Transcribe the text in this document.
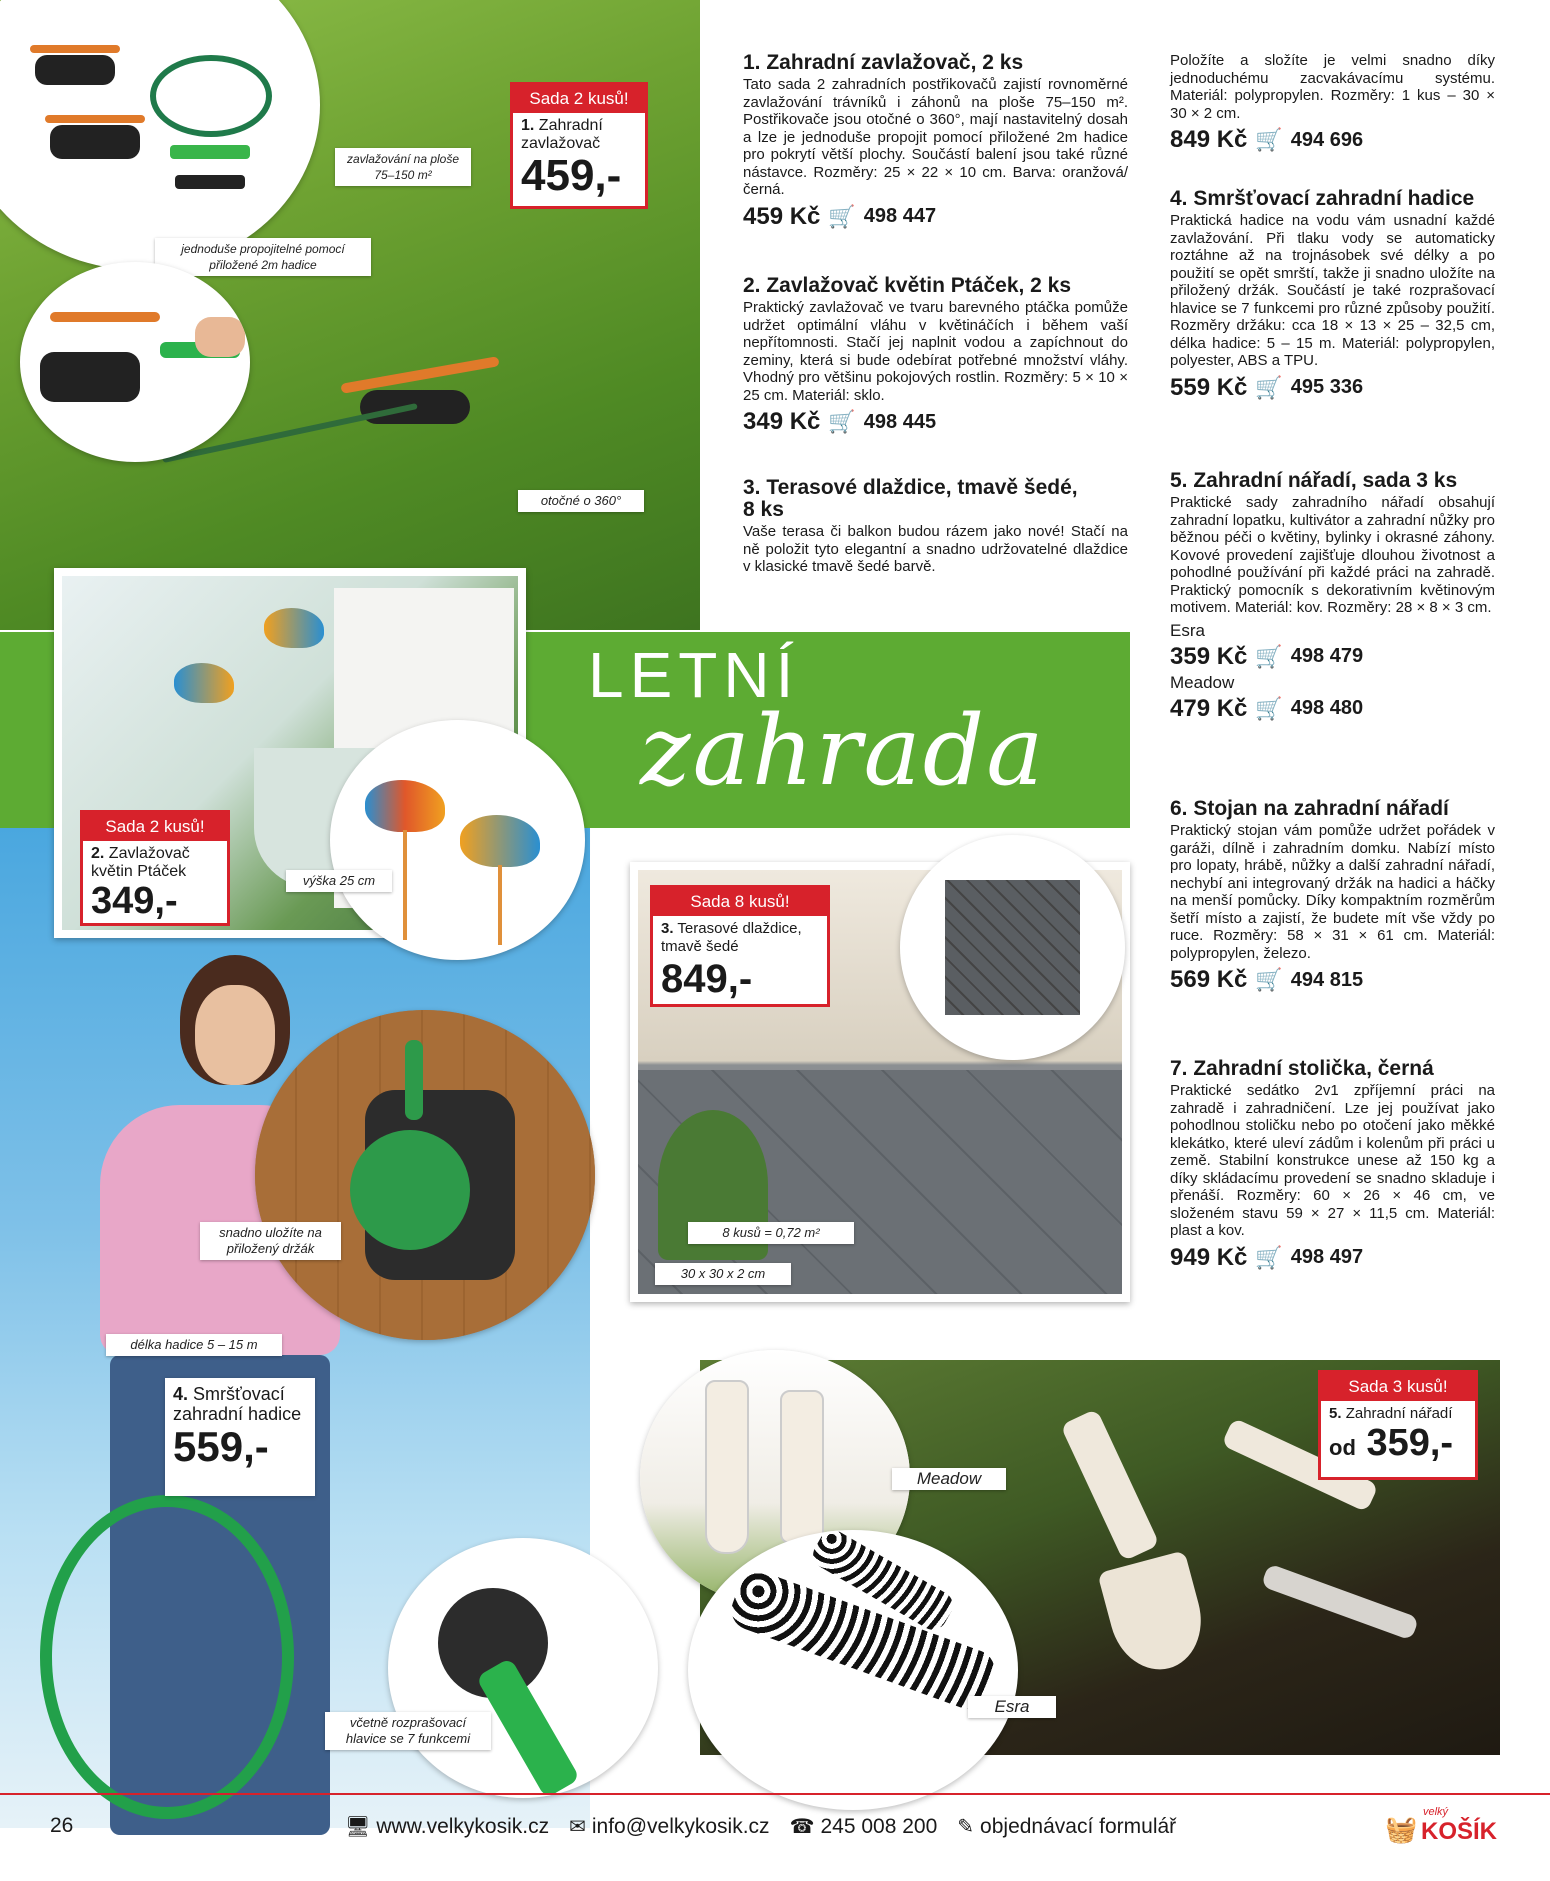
zavlažování na ploše 75–150 m²
jednoduše propojitelné pomocí přiložené 2m hadice
Sada 2 kusů!
1. Zahradní zavlažovač
459,-
otočné o 360°
LETNÍ
zahrada
výška 25 cm
Sada 2 kusů!
2. Zavlažovač květin Ptáček
349,-
snadno uložíte na přiložený držák
délka hadice 5 – 15 m
4. Smršťovací zahradní hadice
559,-
včetně rozprašovací hlavice se 7 funkcemi
Sada 8 kusů!
3. Terasové dlaždice, tmavě šedé
849,-
8 kusů = 0,72 m²
30 x 30 x 2 cm
Meadow
Esra
Sada 3 kusů!
5. Zahradní nářadí
od 359,-
1. Zahradní zavlažovač, 2 ks

Tato sada 2 zahradních postřikovačů zajistí rovnoměrné zavlažování trávníků i záhonů na ploše 75–150 m². Postřikovače jsou otočné o 360°, mají nastavitelný dosah a lze je jednoduše propojit pomocí přiložené 2m hadice pro pokrytí větší plochy. Součástí balení jsou také různé nástavce. Rozměry: 25 × 22 × 10 cm. Barva: oranžová/černá.

459 Kč 🛒 498 447
2. Zavlažovač květin Ptáček, 2 ks

Praktický zavlažovač ve tvaru barevného ptáčka pomůže udržet optimální vláhu v květináčích i během vaší nepřítomnosti. Stačí jej naplnit vodou a zapíchnout do zeminy, která si bude odebírat potřebné množství vláhy. Vhodný pro většinu pokojových rostlin. Rozměry: 5 × 10 × 25 cm. Materiál: sklo.

349 Kč 🛒 498 445
3. Terasové dlaždice, tmavě šedé, 8 ks

Vaše terasa či balkon budou rázem jako nové! Stačí na ně položit tyto elegantní a snadno udržovatelné dlaždice v klasické tmavě šedé barvě.

Položíte a složíte je velmi snadno díky jednoduchému zacvakávacímu systému. Materiál: polypropylen. Rozměry: 1 kus – 30 × 30 × 2 cm.

849 Kč 🛒 494 696
4. Smršťovací zahradní hadice

Praktická hadice na vodu vám usnadní každé zavlažování. Při tlaku vody se automaticky roztáhne až na trojnásobek své délky a po použití se opět smrští, takže ji snadno uložíte na přiložený držák. Součástí je také rozprašovací hlavice se 7 funkcemi pro různé způsoby použití. Rozměry držáku: cca 18 × 13 × 25 – 32,5 cm, délka hadice: 5 – 15 m. Materiál: polypropylen, polyester, ABS a TPU.

559 Kč 🛒 495 336
5. Zahradní nářadí, sada 3 ks

Praktické sady zahradního nářadí obsahují zahradní lopatku, kultivátor a zahradní nůžky pro běžnou péči o květiny, bylinky i okrasné záhony. Kovové provedení zajišťuje dlouhou životnost a pohodlné používání při každé práci na zahradě. Praktický pomocník s dekorativním květinovým motivem. Materiál: kov. Rozměry: 28 × 8 × 3 cm.

Esra
359 Kč 🛒 498 479
Meadow
479 Kč 🛒 498 480
6. Stojan na zahradní nářadí

Praktický stojan vám pomůže udržet pořádek v garáži, dílně i zahradním domku. Nabízí místo pro lopaty, hrábě, nůžky a další zahradní nářadí, nechybí ani integrovaný držák na hadici a háčky na menší pomůcky. Díky kompaktním rozměrům šetří místo a zajistí, že budete mít vše vždy po ruce. Rozměry: 58 × 31 × 61 cm. Materiál: polypropylen, železo.

569 Kč 🛒 494 815
7. Zahradní stolička, černá

Praktické sedátko 2v1 zpříjemní práci na zahradě i zahradničení. Lze jej používat jako pohodlnou stoličku nebo po otočení jako měkké klekátko, které uleví zádům i kolenům při práci u země. Stabilní konstrukce unese až 150 kg a díky skládacímu provedení se snadno skladuje i přenáší. Rozměry: 60 × 26 × 46 cm, ve složeném stavu 59 × 27 × 11,5 cm. Materiál: plast a kov.

949 Kč 🛒 498 497
26	🖥 www.velkykosik.cz ✉ info@velkykosik.cz ☎ 245 008 200 ✎ objednávací formulář	🧺
velký
KOŠÍK
